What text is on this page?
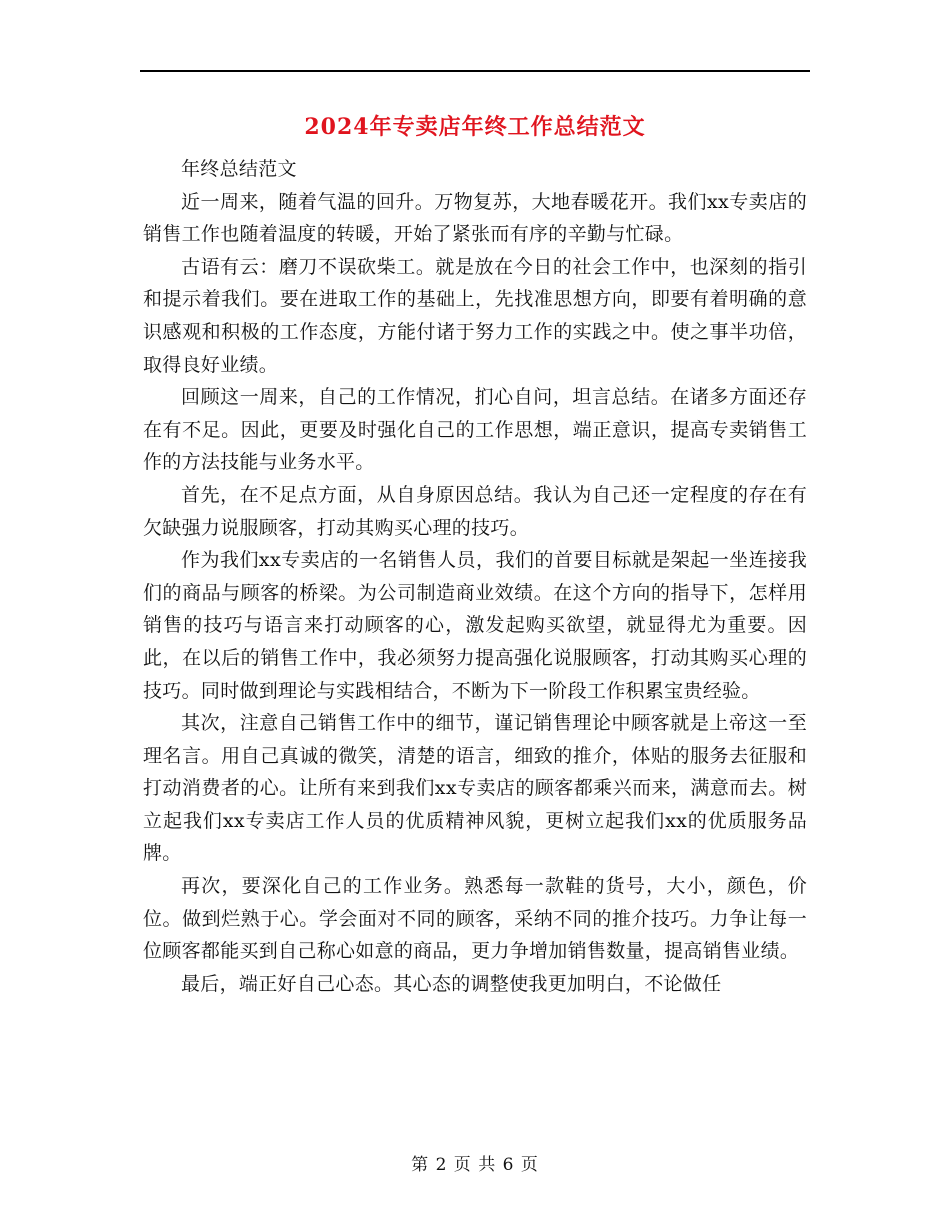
2024年专卖店年终工作总结范文

年终总结范文

近一周来，随着气温的回升。万物复苏，大地春暖花开。我们xx专卖店的销售工作也随着温度的转暖，开始了紧张而有序的辛勤与忙碌。

古语有云：磨刀不误砍柴工。就是放在今日的社会工作中，也深刻的指引和提示着我们。要在进取工作的基础上，先找准思想方向，即要有着明确的意识感观和积极的工作态度，方能付诸于努力工作的实践之中。使之事半功倍，取得良好业绩。

回顾这一周来，自己的工作情况，扪心自问，坦言总结。在诸多方面还存在有不足。因此，更要及时强化自己的工作思想，端正意识，提高专卖销售工作的方法技能与业务水平。

首先，在不足点方面，从自身原因总结。我认为自己还一定程度的存在有欠缺强力说服顾客，打动其购买心理的技巧。

作为我们xx专卖店的一名销售人员，我们的首要目标就是架起一坐连接我们的商品与顾客的桥梁。为公司制造商业效绩。在这个方向的指导下，怎样用销售的技巧与语言来打动顾客的心，激发起购买欲望，就显得尤为重要。因此，在以后的销售工作中，我必须努力提高强化说服顾客，打动其购买心理的技巧。同时做到理论与实践相结合，不断为下一阶段工作积累宝贵经验。

其次，注意自己销售工作中的细节，谨记销售理论中顾客就是上帝这一至理名言。用自己真诚的微笑，清楚的语言，细致的推介，体贴的服务去征服和打动消费者的心。让所有来到我们xx专卖店的顾客都乘兴而来，满意而去。树立起我们xx专卖店工作人员的优质精神风貌，更树立起我们xx的优质服务品牌。

再次，要深化自己的工作业务。熟悉每一款鞋的货号，大小，颜色，价位。做到烂熟于心。学会面对不同的顾客，采纳不同的推介技巧。力争让每一位顾客都能买到自己称心如意的商品，更力争增加销售数量，提高销售业绩。

最后，端正好自己心态。其心态的调整使我更加明白，不论做任

第 2 页 共 6 页
